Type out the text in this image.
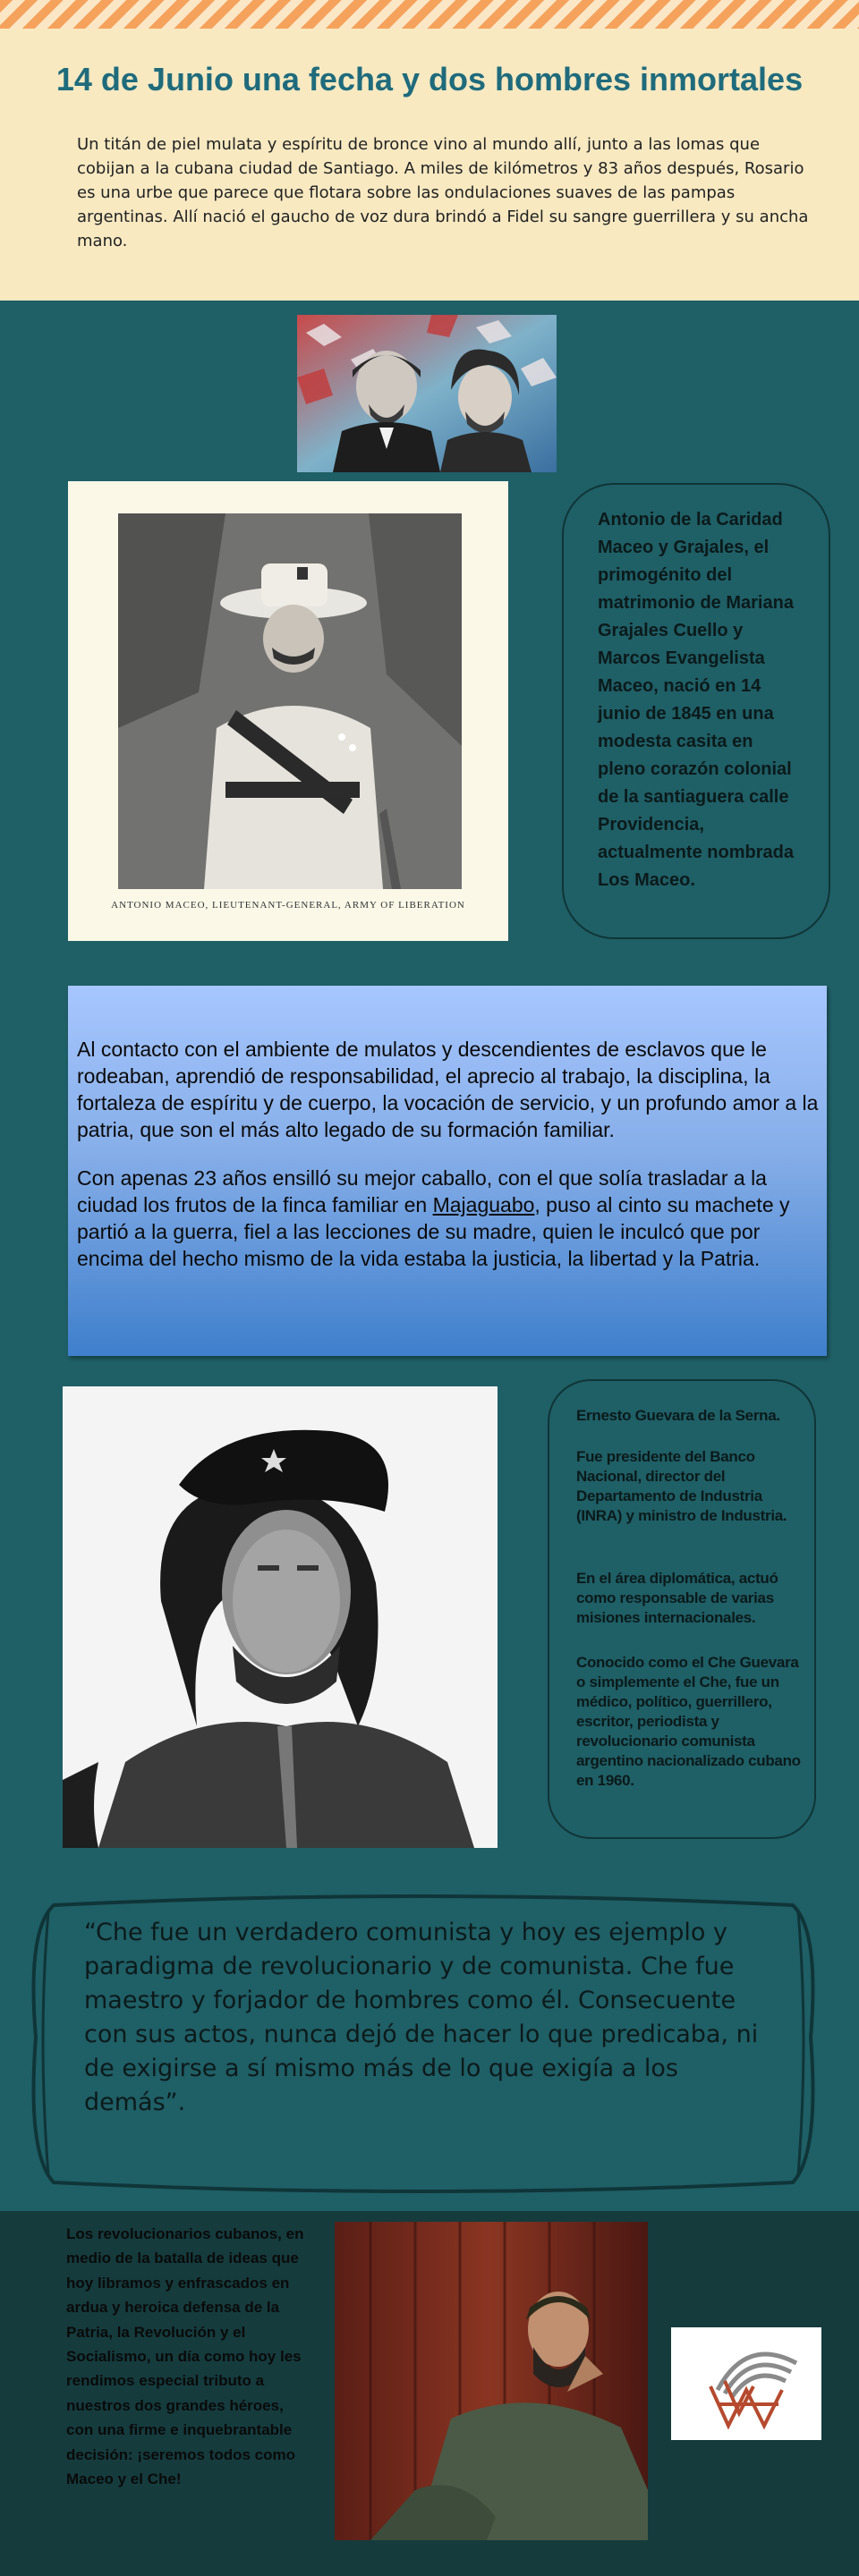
14 de Junio una fecha y dos hombres inmortales

Un titán de piel mulata y espíritu de bronce vino al mundo allí, junto a las lomas que cobijan a la cubana ciudad de Santiago. A miles de kilómetros y 83 años después, Rosario es una urbe que parece que flotara sobre las ondulaciones suaves de las pampas argentinas. Allí nació el gaucho de voz dura brindó a Fidel su sangre guerrillera y su ancha mano.

ANTONIO MACEO, LIEUTENANT-GENERAL, ARMY OF LIBERATION

Antonio de la Caridad Maceo y Grajales, el primogénito del matrimonio de Mariana Grajales Cuello y Marcos Evangelista Maceo, nació en 14 junio de 1845 en una modesta casita en pleno corazón colonial de la santiaguera calle Providencia, actualmente nombrada Los Maceo.

Al contacto con el ambiente de mulatos y descendientes de esclavos que le rodeaban, aprendió de responsabilidad, el aprecio al trabajo, la disciplina, la fortaleza de espíritu y de cuerpo, la vocación de servicio, y un profundo amor a la patria, que son el más alto legado de su formación familiar.

Con apenas 23 años ensilló su mejor caballo, con el que solía trasladar a la ciudad los frutos de la finca familiar en Majaguabo, puso al cinto su machete y partió a la guerra, fiel a las lecciones de su madre, quien le inculcó que por encima del hecho mismo de la vida estaba la justicia, la libertad y la Patria.

Ernesto Guevara de la Serna.

Fue presidente del Banco Nacional, director del Departamento de Industria (INRA) y ministro de Industria.

En el área diplomática, actuó como responsable de varias misiones internacionales.

Conocido como el Che Guevara o simplemente el Che, fue un médico, político, guerrillero, escritor, periodista y revolucionario comunista argentino nacionalizado cubano en 1960.

“Che fue un verdadero comunista y hoy es ejemplo y paradigma de revolucionario y de comunista. Che fue maestro y forjador de hombres como él. Consecuente con sus actos, nunca dejó de hacer lo que predicaba, ni de exigirse a sí mismo más de lo que exigía a los demás”.

Los revolucionarios cubanos, en medio de la batalla de ideas que hoy libramos y enfrascados en ardua y heroica defensa de la Patria, la Revolución y el Socialismo, un día como hoy les rendimos especial tributo a nuestros dos grandes héroes, con una firme e inquebrantable decisión: ¡seremos todos como Maceo y el Che!
